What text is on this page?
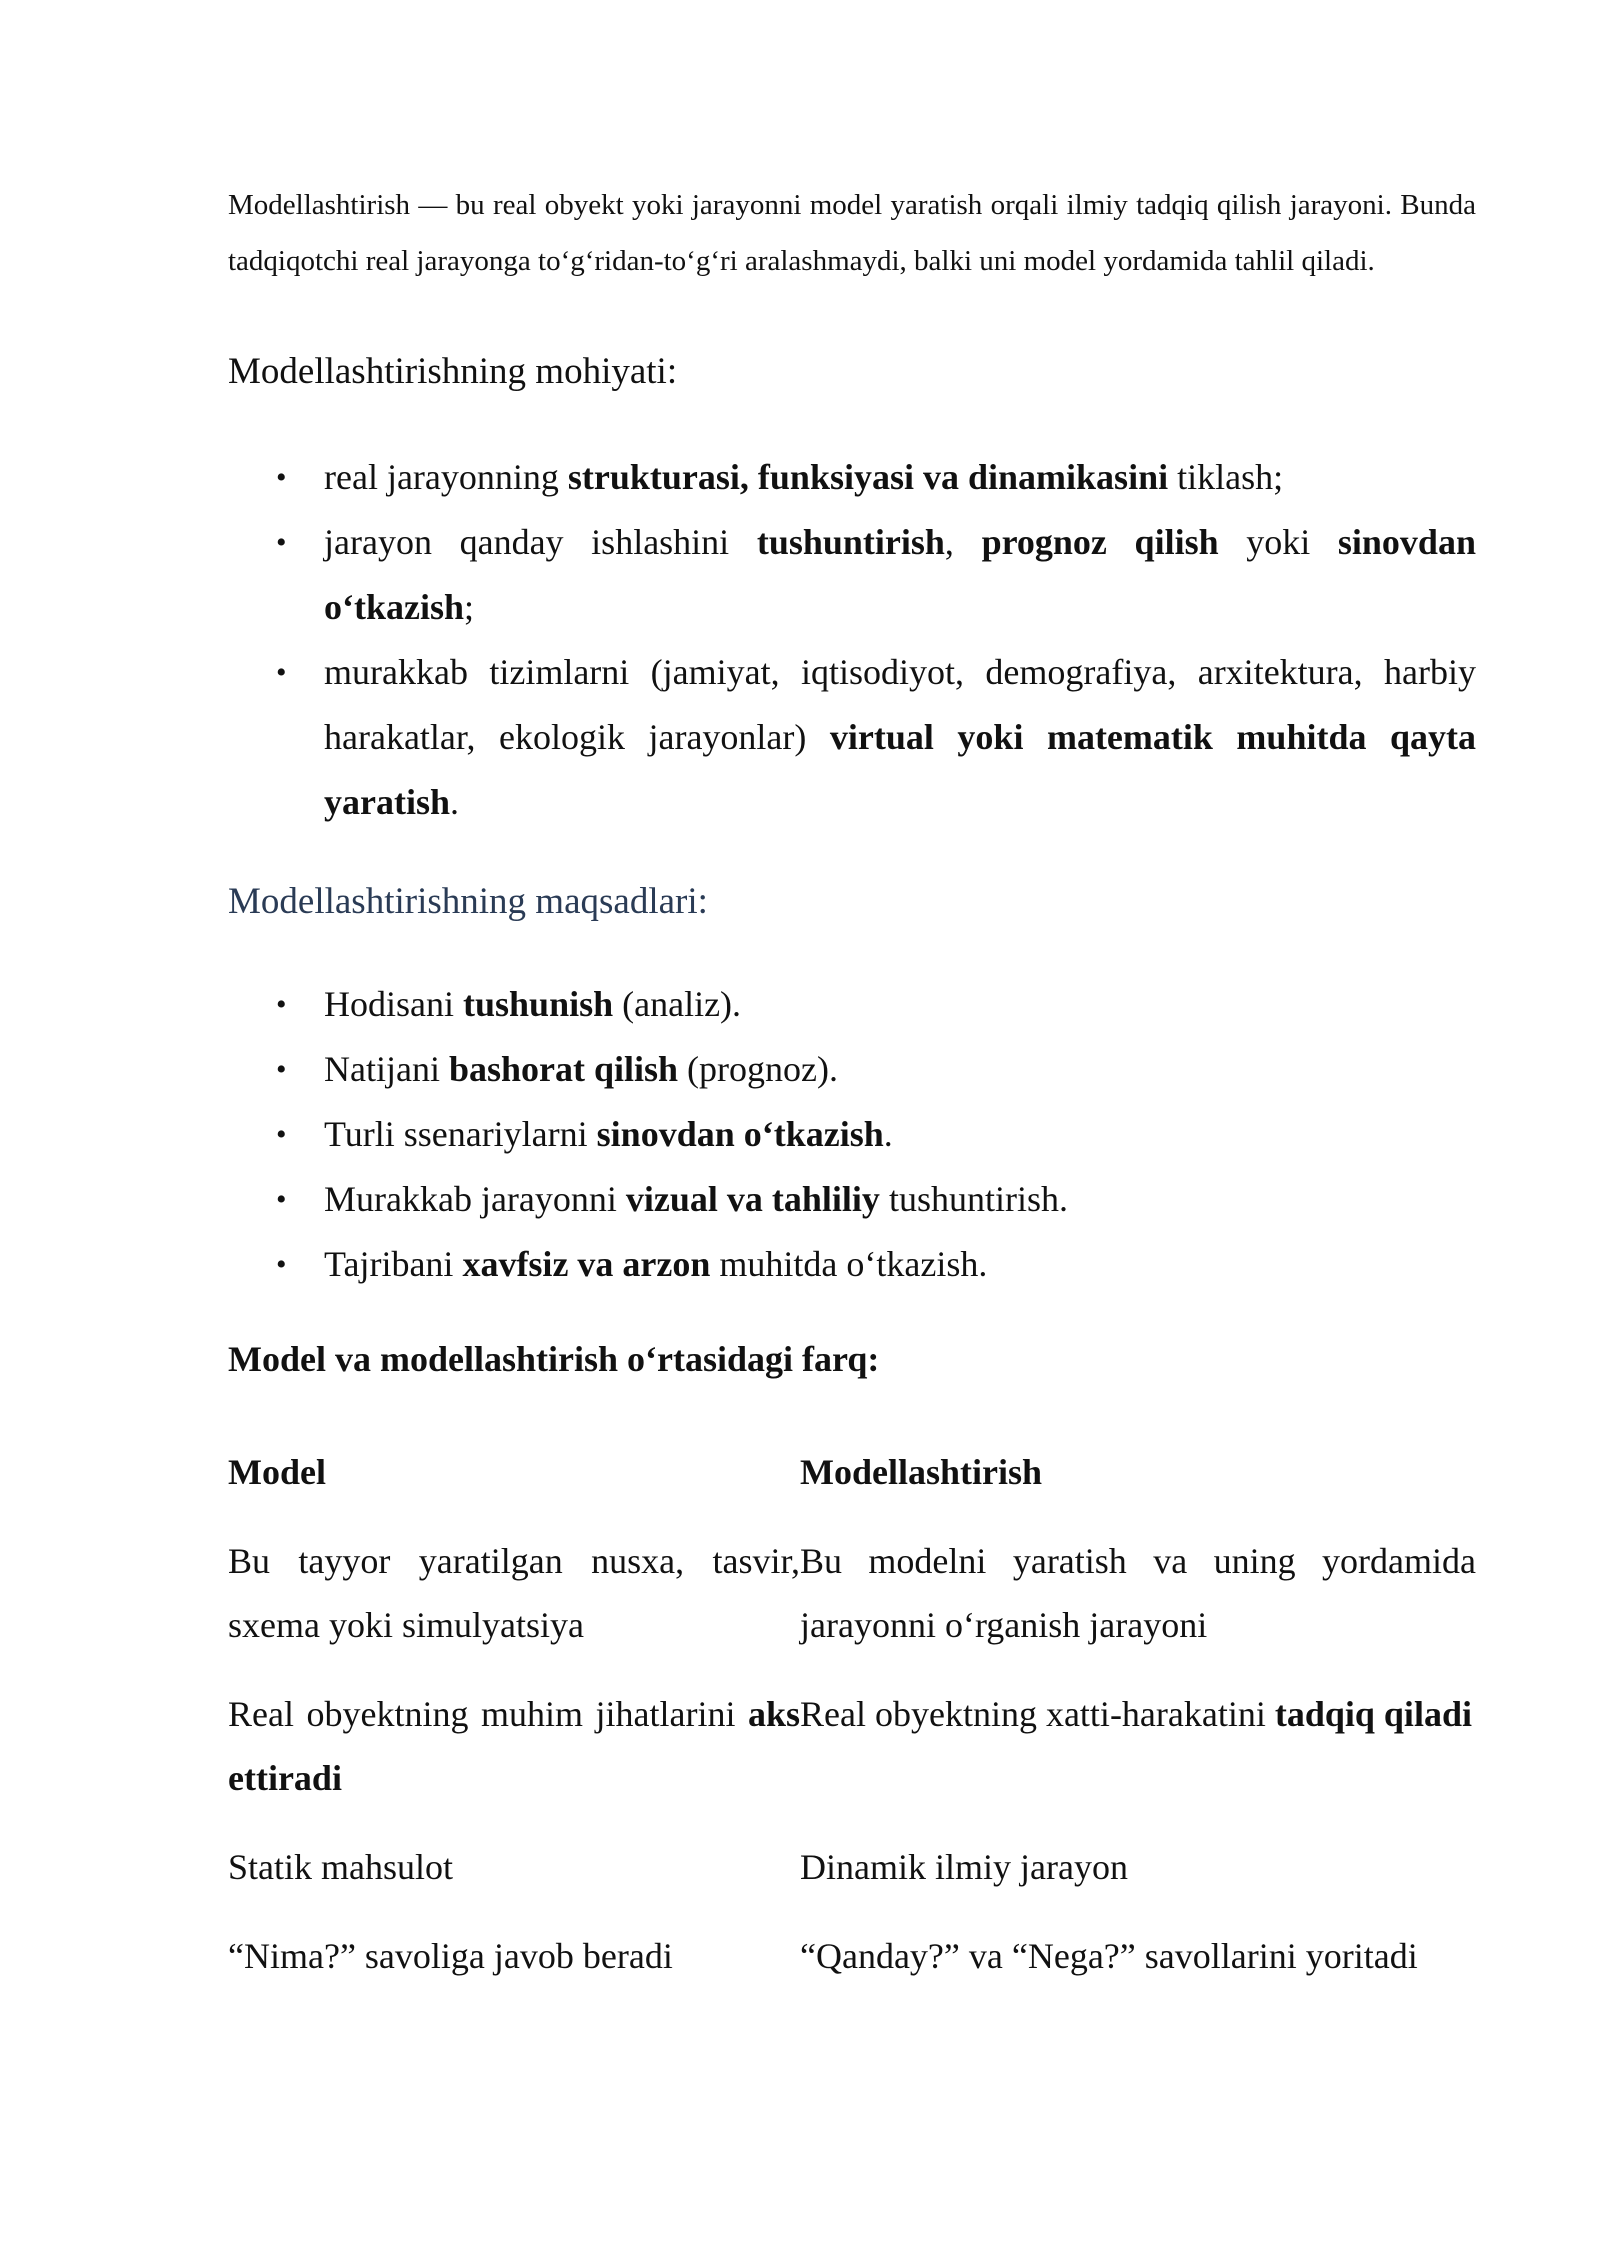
Modellashtirish — bu real obyekt yoki jarayonni model yaratish orqali ilmiy tadqiq qilish jarayoni. Bunda tadqiqotchi real jarayonga to‘g‘ridan-to‘g‘ri aralashmaydi, balki uni model yordamida tahlil qiladi.

Modellashtirishning mohiyati:
• real jarayonning strukturasi, funksiyasi va dinamikasini tiklash;
• jarayon qanday ishlashini tushuntirish, prognoz qilish yoki sinovdan o‘tkazish;
• murakkab tizimlarni (jamiyat, iqtisodiyot, demografiya, arxitektura, harbiy harakatlar, ekologik jarayonlar) virtual yoki matematik muhitda qayta yaratish.
Modellashtirishning maqsadlari:
• Hodisani tushunish (analiz).
• Natijani bashorat qilish (prognoz).
• Turli ssenariylarni sinovdan o‘tkazish.
• Murakkab jarayonni vizual va tahliliy tushuntirish.
• Tajribani xavfsiz va arzon muhitda o‘tkazish.
Model va modellashtirish o‘rtasidagi farq:
Model	Modellashtirish

Bu tayyor yaratilgan nusxa, tasvir, sxema yoki simulyatsiya	Bu modelni yaratish va uning yordamida jarayonni o‘rganish jarayoni

Real obyektning muhim jihatlarini aks ettiradi	Real obyektning xatti-harakatini tadqiq qiladi

Statik mahsulot	Dinamik ilmiy jarayon

“Nima?” savoliga javob beradi	“Qanday?” va “Nega?” savollarini yoritadi
